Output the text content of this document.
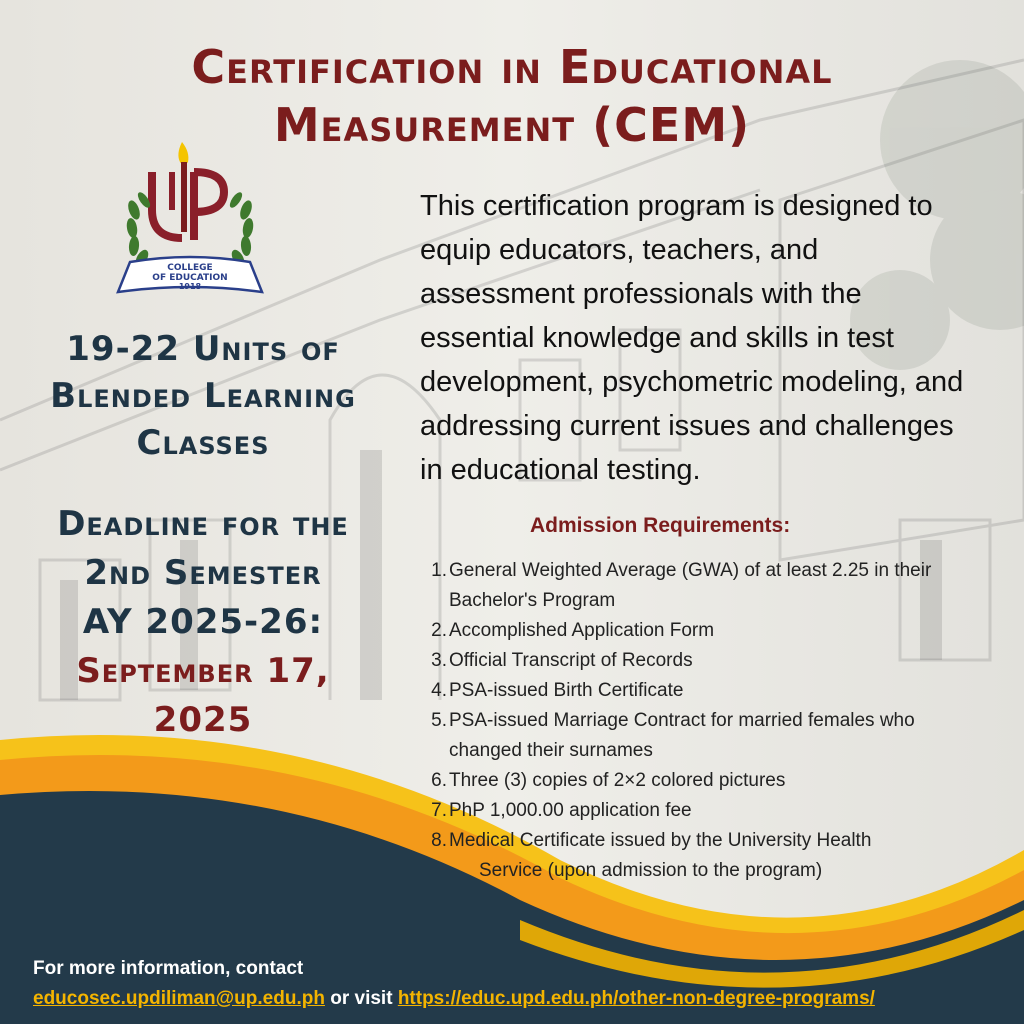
Certification in Educational Measurement (CEM)
COLLEGE
OF EDUCATION
1918
19-22 Units of Blended Learning Classes
Deadline for the
2nd Semester
AY 2025-26:
September 17, 2025

This certification program is designed to equip educators, teachers, and assessment professionals with the essential knowledge and skills in test development, psychometric modeling, and addressing current issues and challenges in educational testing.

Admission Requirements:
1. General Weighted Average (GWA) of at least 2.25 in their Bachelor's Program
2. Accomplished Application Form
3. Official Transcript of Records
4. PSA-issued Birth Certificate
5. PSA-issued Marriage Contract for married females who changed their surnames
6. Three (3) copies of 2×2 colored pictures
7. PhP 1,000.00 application fee
8. Medical Certificate issued by the University Health
Service (upon admission to the program)
For more information, contact
educosec.updiliman@up.edu.ph or visit https://educ.upd.edu.ph/other-non-degree-programs/
